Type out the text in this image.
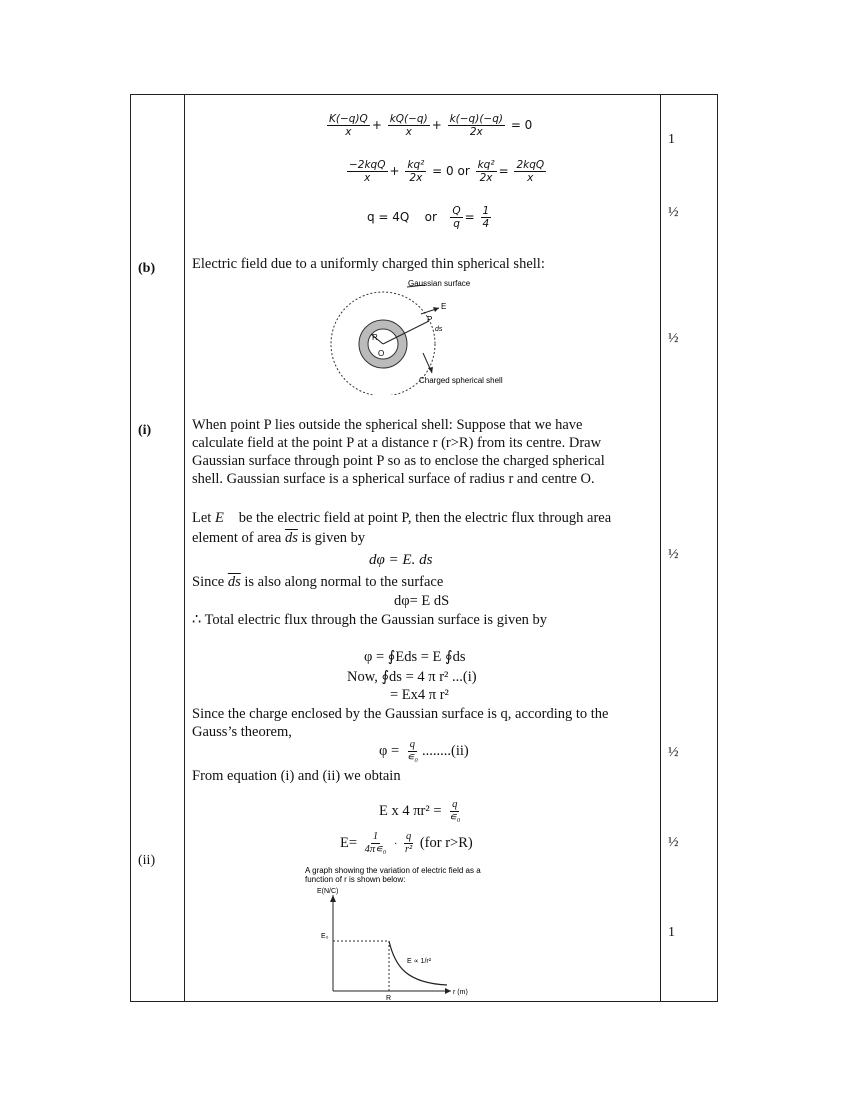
$\frac{K(-q)Q}{x} + \frac{kQ(-q)}{x} + \frac{k(-q)(-q)}{2x} = 0$
$\frac{\text{−2kqQ}}{x} + \frac{\text{kq²}}{2x} = 0$ or $\frac{\text{kq²}}{2x} = \frac{\text{2kqQ}}{x}$
q = 4Q or $\frac{Q}{q} = \frac{1}{4}$
1
½
½
½
½
½
1
(b)
(i)
(ii)
Electric field due to a uniformly charged thin spherical shell:
Gaussian surface
E
P
ds
R
O
Charged spherical shell
When point P lies outside the spherical shell: Suppose that we have
calculate field at the point P at a distance r (r>R) from its centre. Draw
Gaussian surface through point P so as to enclose the charged spherical
shell. Gaussian surface is a spherical surface of radius r and centre O.
Let E⃗ be the electric field at point P, then the electric flux through area
element of area $\overline{ds}$ is given by
dφ = E. ds
Since $\overline{ds}$ is also along normal to the surface
dφ= E dS
∴ Total electric flux through the Gaussian surface is given by
φ = ∮Eds = E ∮ds
Now, ∮ds = 4 π r² ...(i)
= Ex4 π r²
Since the charge enclosed by the Gaussian surface is q, according to the
Gauss’s theorem,
$\varphi = \frac{q}{\text{∊₀}} ........(ii)$
From equation (i) and (ii) we obtain
E x 4 $\pi r^2 = \frac{q}{\text{∊₀}}$
$E= \frac{1}{\text{4π∊₀}} \cdot \frac{q}{\text{r²}} (for$ r>R)
A graph showing the variation of electric field as a
function of r is shown below:
E(N/C)
E₀
E ∝ 1/r²
r (m)
R
